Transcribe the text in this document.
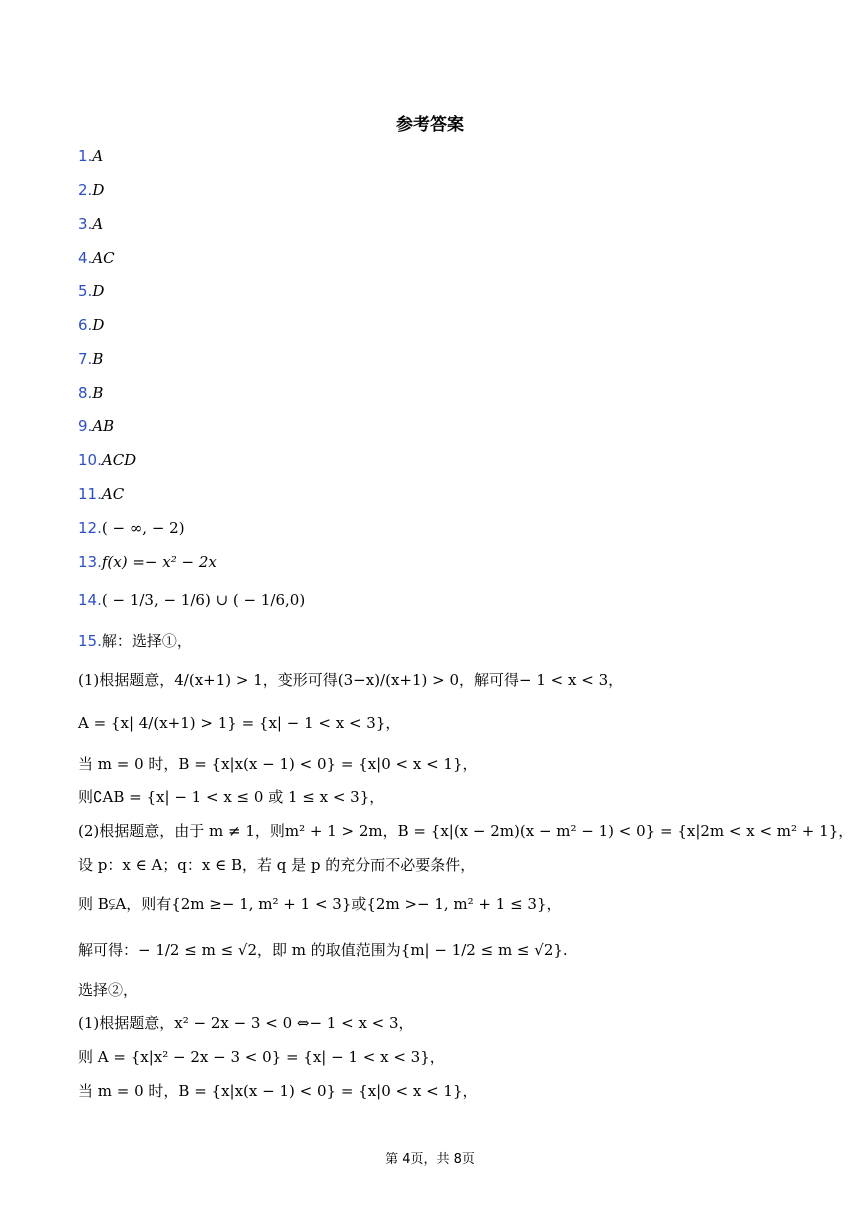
参考答案
1.A
2.D
3.A
4.AC
5.D
6.D
7.B
8.B
9.AB
10.ACD
11.AC
12.( − ∞, − 2)
13.f(x) =− x² − 2x
14.( − 1/3, − 1/6) ∪ ( − 1/6,0)
15.解：选择①，
(1)根据题意，4/(x+1) > 1，变形可得(3−x)/(x+1) > 0，解可得− 1 < x < 3，
A = {x| 4/(x+1) > 1} = {x| − 1 < x < 3}，
当 m = 0 时，B = {x|x(x − 1) < 0} = {x|0 < x < 1}，
则∁AB = {x| − 1 < x ≤ 0 或 1 ≤ x < 3}，
(2)根据题意，由于 m ≠ 1，则m² + 1 > 2m，B = {x|(x − 2m)(x − m² − 1) < 0} = {x|2m < x < m² + 1}，
设 p：x ∈ A；q：x ∈ B，若 q 是 p 的充分而不必要条件，
则 B⫋A，则有{2m ≥− 1, m² + 1 < 3}或{2m >− 1, m² + 1 ≤ 3}，
解可得：− 1/2 ≤ m ≤ √2，即 m 的取值范围为{m| − 1/2 ≤ m ≤ √2}.
选择②，
(1)根据题意，x² − 2x − 3 < 0 ⇔− 1 < x < 3，
则 A = {x|x² − 2x − 3 < 0} = {x| − 1 < x < 3}，
当 m = 0 时，B = {x|x(x − 1) < 0} = {x|0 < x < 1}，
第 4页，共 8页
